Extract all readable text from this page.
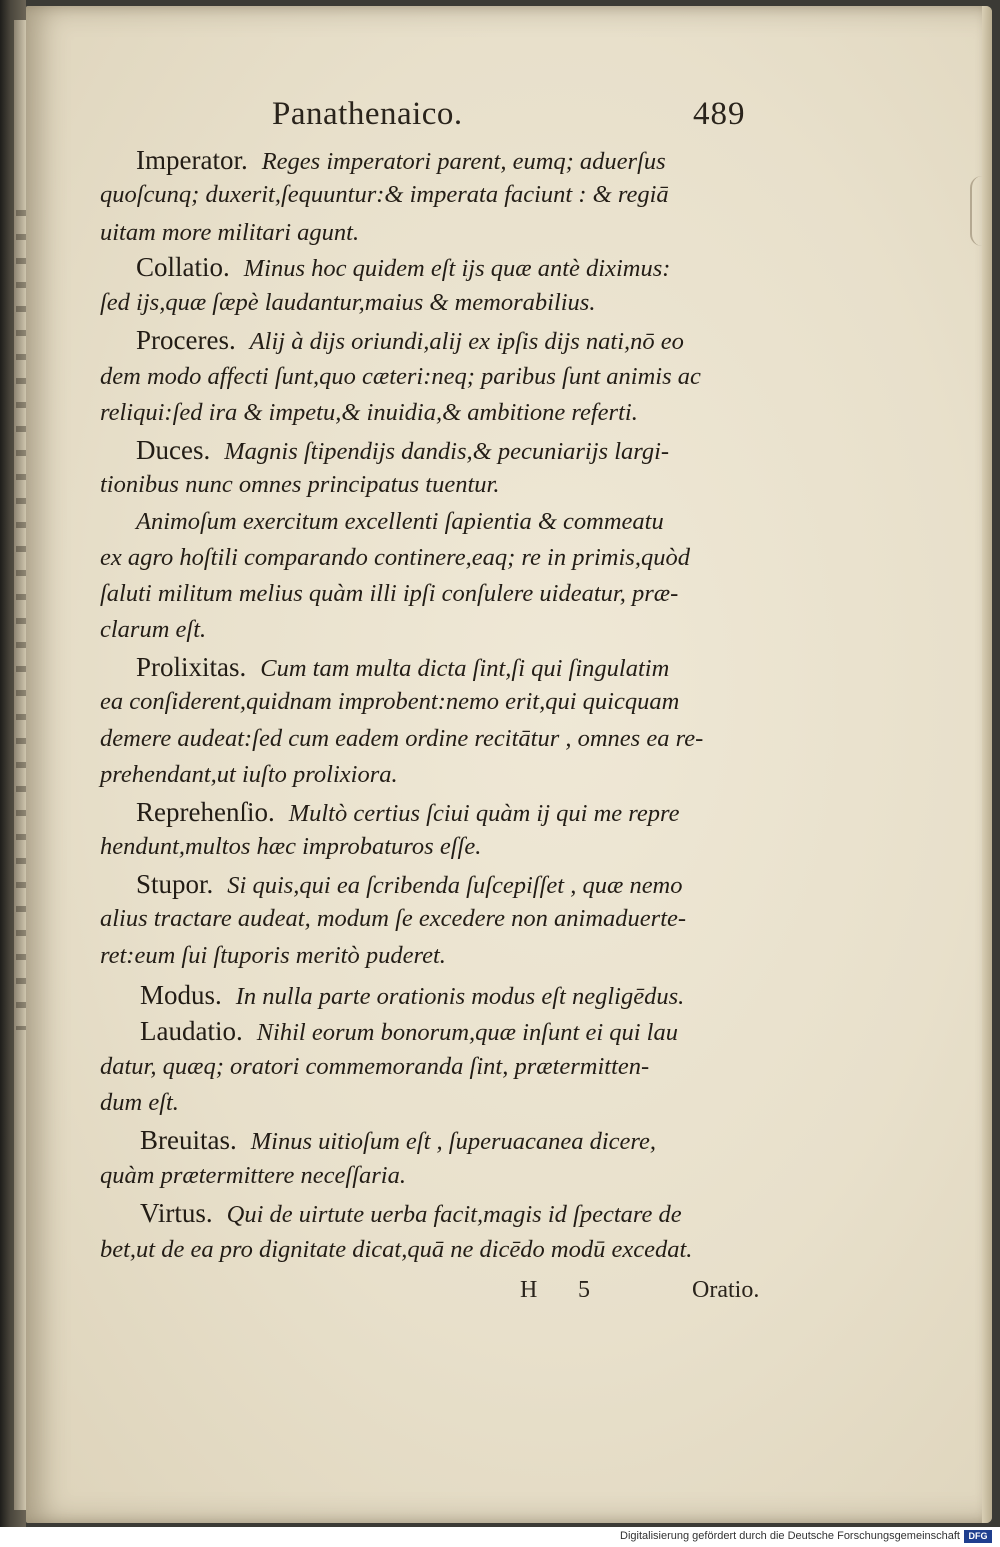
Panathenaico.	489
Imperator. Reges imperatori parent, eumq; aduerſus
quoſcunq; duxerit,ſequuntur:& imperata faciunt : & regiā
uitam more militari agunt.
Collatio. Minus hoc quidem eſt ijs quæ antè diximus:
ſed ijs,quæ ſæpè laudantur,maius & memorabilius.
Proceres. Alij à dijs oriundi,alij ex ipſis dijs nati,nō eo
dem modo affecti ſunt,quo cæteri:neq; paribus ſunt animis ac
reliqui:ſed ira & impetu,& inuidia,& ambitione referti.
Duces. Magnis ſtipendijs dandis,& pecuniarijs largi-
tionibus nunc omnes principatus tuentur.
Animoſum exercitum excellenti ſapientia & commeatu
ex agro hoſtili comparando continere,eaq; re in primis,quòd
ſaluti militum melius quàm illi ipſi conſulere uideatur, præ-
clarum eſt.
Prolixitas. Cum tam multa dicta ſint,ſi qui ſingulatim
ea conſiderent,quidnam improbent:nemo erit,qui quicquam
demere audeat:ſed cum eadem ordine recitātur , omnes ea re-
prehendant,ut iuſto prolixiora.
Reprehenſio. Multò certius ſciui quàm ij qui me repre
hendunt,multos hæc improbaturos eſſe.
Stupor. Si quis,qui ea ſcribenda ſuſcepiſſet , quæ nemo
alius tractare audeat, modum ſe excedere non animaduerte-
ret:eum ſui ſtuporis meritò puderet.
Modus. In nulla parte orationis modus eſt negligēdus.
Laudatio. Nihil eorum bonorum,quæ inſunt ei qui lau
datur, quæq; oratori commemoranda ſint, prætermitten-
dum eſt.
Breuitas. Minus uitioſum eſt , ſuperuacanea dicere,
quàm prætermittere neceſſaria.
Virtus. Qui de uirtute uerba facit,magis id ſpectare de
bet,ut de ea pro dignitate dicat,quā ne dicēdo modū excedat.
H 5	Oratio.
Digitalisierung gefördert durch die Deutsche Forschungsgemeinschaft DFG
